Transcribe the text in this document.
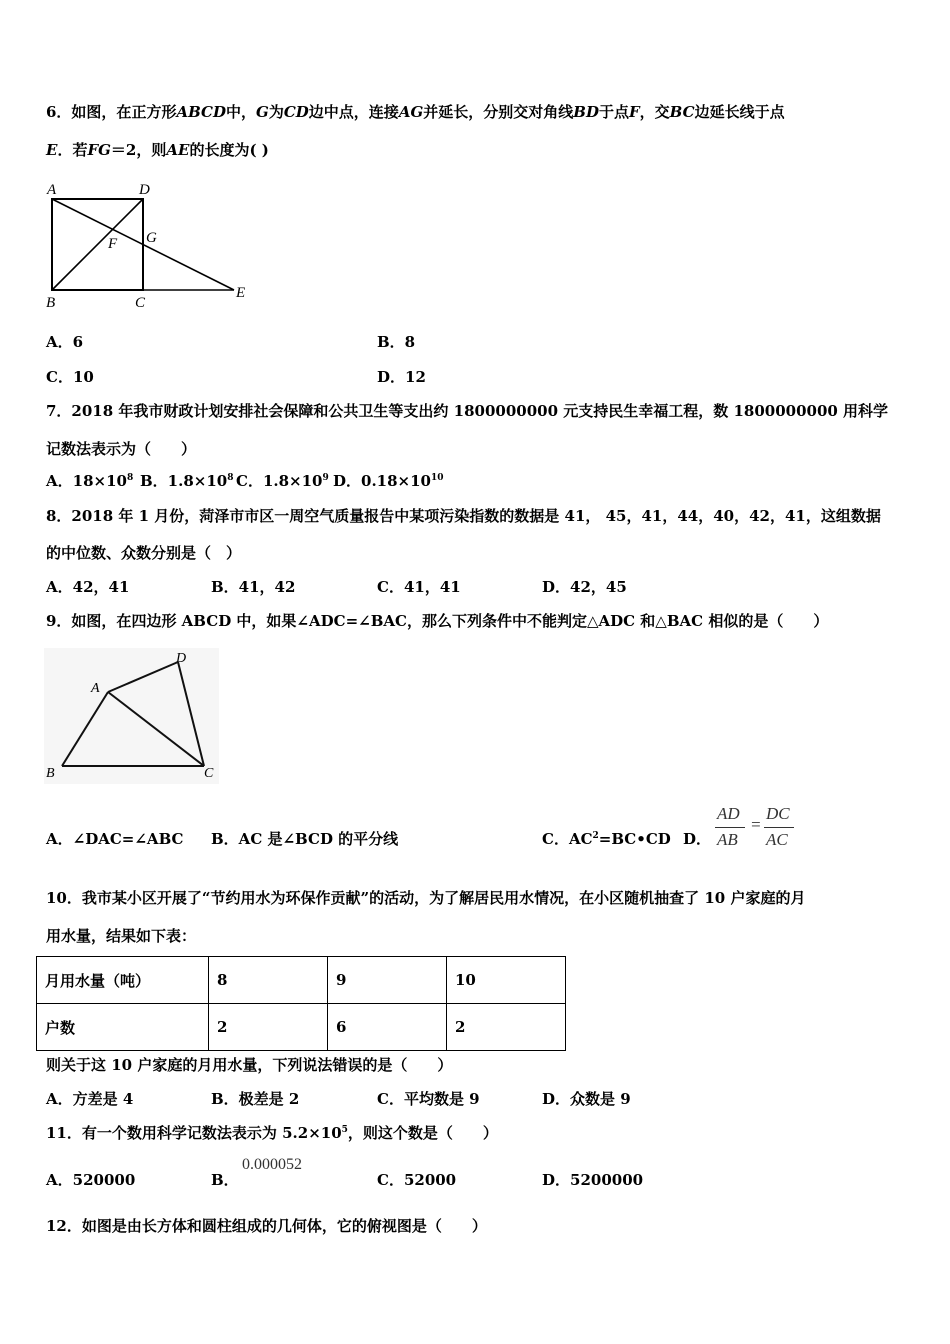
6．如图，在正方形ABCD中，G为CD边中点，连接AG并延长，分别交对角线BD于点F，交BC边延长线于点
E．若FG＝2，则AE的长度为( )
A	D
F G
B	C
E
A．6	B．8
C．10	D．12
7．2018 年我市财政计划安排社会保障和公共卫生等支出约 1800000000 元支持民生幸福工程，数 1800000000 用科学
记数法表示为（　　）
A．$18\times 10^8$ B．$1.8\times 10^8$ C．$1.8\times 10^9$ D．$0.18\times 10^{10}$
8．2018 年 1 月份，菏泽市市区一周空气质量报告中某项污染指数的数据是 41， 45，41，44，40，42，41，这组数据
的中位数、众数分别是（　）
A．42，41	B．41，42	C．41，41	D．42，45
9．如图，在四边形 ABCD 中，如果∠ADC=∠BAC，那么下列条件中不能判定△ADC 和△BAC 相似的是（　　）
A
B	C
D
A．∠DAC=∠ABC B．AC 是∠BCD 的平分线	C．$AC^2=BC•CD$ D．
AD
AB
=
DC
AC
10．我市某小区开展了“节约用水为环保作贡献”的活动，为了解居民用水情况，在小区随机抽查了 10 户家庭的月
用水量，结果如下表：
月用水量（吨）	8	9	10
户数	2	6	2
则关于这 10 户家庭的月用水量，下列说法错误的是（　　）
A．方差是 4	B．极差是 2	C．平均数是 9	D．众数是 9
11．有一个数用科学记数法表示为 $5.2\times 10^5$，则这个数是（　　）
A．520000	B．
0.000052
C．52000	D．5200000
12．如图是由长方体和圆柱组成的几何体，它的俯视图是（　　）
